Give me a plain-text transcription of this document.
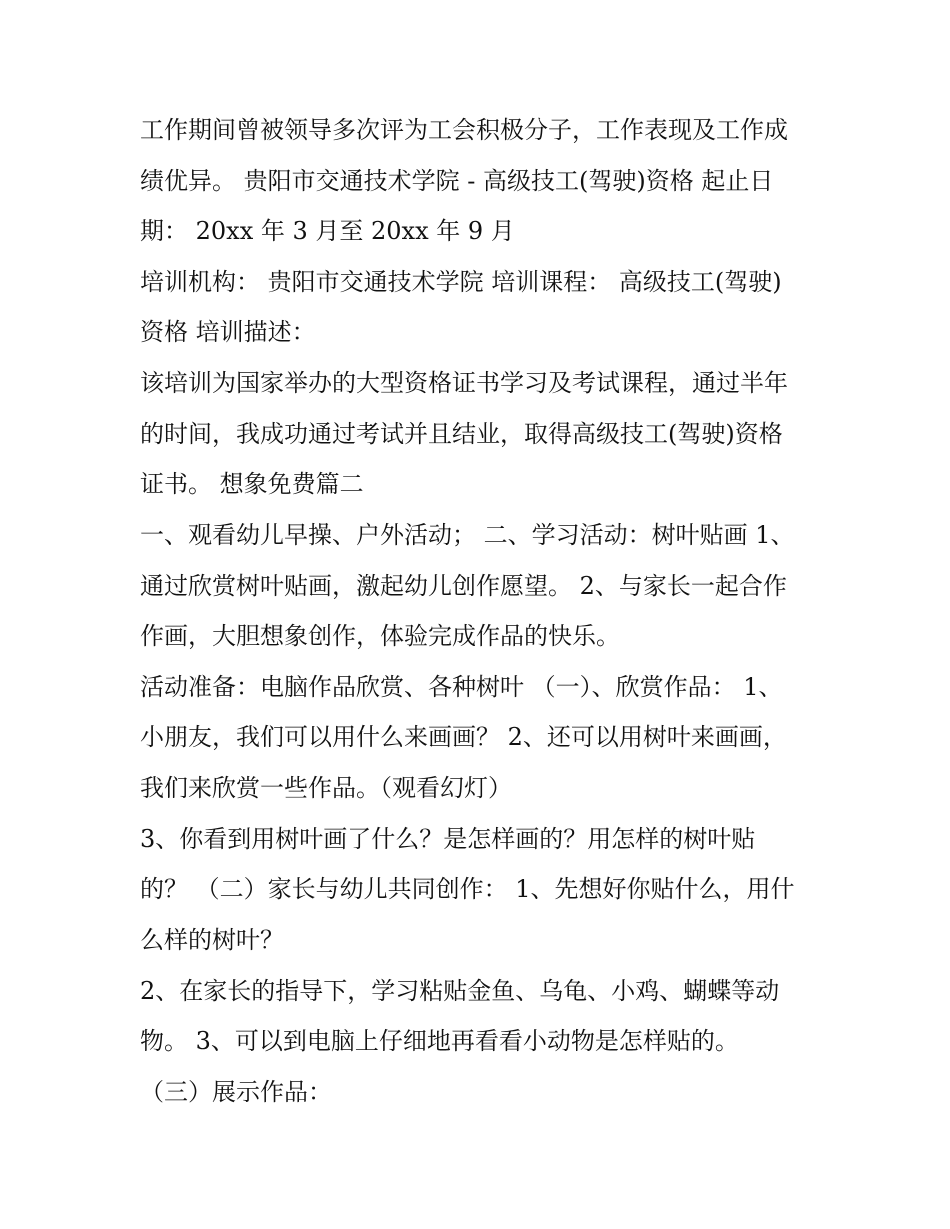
工作期间曾被领导多次评为工会积极分子，工作表现及工作成
绩优异。 贵阳市交通技术学院 - 高级技工(驾驶)资格 起止日
期： 20xx 年 3 月至 20xx 年 9 月
培训机构： 贵阳市交通技术学院 培训课程： 高级技工(驾驶)
资格 培训描述：
该培训为国家举办的大型资格证书学习及考试课程，通过半年
的时间，我成功通过考试并且结业，取得高级技工(驾驶)资格
证书。 想象免费篇二
一、观看幼儿早操、户外活动； 二、学习活动：树叶贴画 1、
通过欣赏树叶贴画，激起幼儿创作愿望。 2、与家长一起合作
作画，大胆想象创作，体验完成作品的快乐。
活动准备：电脑作品欣赏、各种树叶 （一）、欣赏作品： 1、
小朋友，我们可以用什么来画画？ 2、还可以用树叶来画画，
我们来欣赏一些作品。（观看幻灯）
3、你看到用树叶画了什么？是怎样画的？用怎样的树叶贴
的？ （二）家长与幼儿共同创作： 1、先想好你贴什么，用什
么样的树叶？
2、在家长的指导下，学习粘贴金鱼、乌龟、小鸡、蝴蝶等动
物。 3、可以到电脑上仔细地再看看小动物是怎样贴的。
（三）展示作品：
